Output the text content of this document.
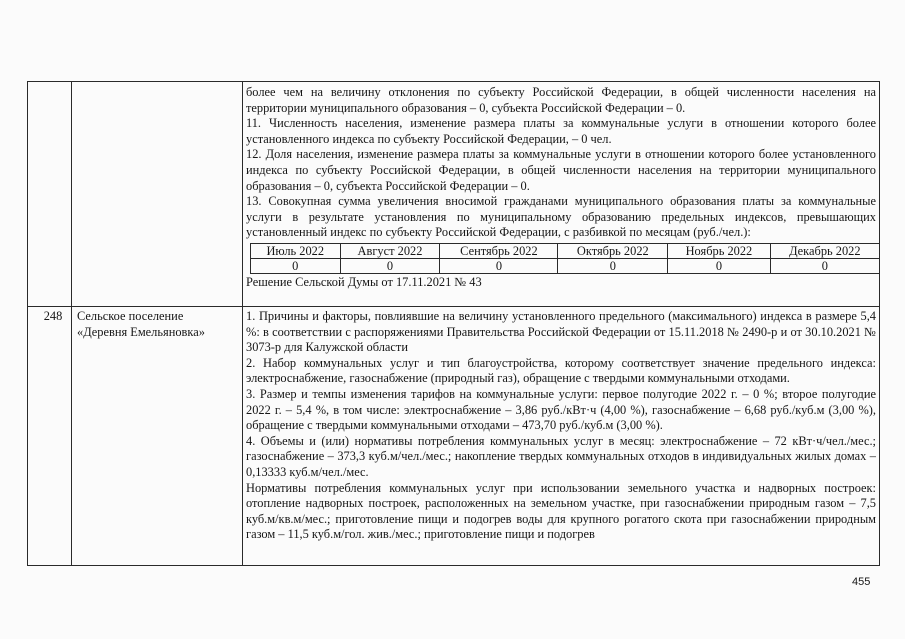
более чем на величину отклонения по субъекту Российской Федерации, в общей численности населения на территории муниципального образования – 0, субъекта Российской Федерации – 0.

11. Численность населения, изменение размера платы за коммунальные услуги в отношении которого более установленного индекса по субъекту Российской Федерации, – 0 чел.

12. Доля населения, изменение размера платы за коммунальные услуги в отношении которого более установленного индекса по субъекту Российской Федерации, в общей численности населения на территории муниципального образования – 0, субъекта Российской Федерации – 0.

13. Совокупная сумма увеличения вносимой гражданами муниципального образования платы за коммунальные услуги в результате установления по муниципальному образованию предельных индексов, превышающих установленный индекс по субъекту Российской Федерации, с разбивкой по месяцам (руб./чел.):

Июль 2022	Август 2022	Сентябрь 2022	Октябрь 2022	Ноябрь 2022	Декабрь 2022
0	0	0	0	0	0

Решение Сельской Думы от 17.11.2021 № 43

248	Сельское поселение «Деревня Емельяновка»

1. Причины и факторы, повлиявшие на величину установленного предельного (максимального) индекса в размере 5,4 %: в соответствии с распоряжениями Правительства Российской Федерации от 15.11.2018 № 2490-р и от 30.10.2021 № 3073-р для Калужской области

2. Набор коммунальных услуг и тип благоустройства, которому соответствует значение предельного индекса: электроснабжение, газоснабжение (природный газ), обращение с твердыми коммунальными отходами.

3. Размер и темпы изменения тарифов на коммунальные услуги: первое полугодие 2022 г. – 0 %; второе полугодие 2022 г. – 5,4 %, в том числе: электроснабжение – 3,86 руб./кВт·ч (4,00 %), газоснабжение – 6,68 руб./куб.м (3,00 %), обращение с твердыми коммунальными отходами – 473,70 руб./куб.м (3,00 %).

4. Объемы и (или) нормативы потребления коммунальных услуг в месяц: электроснабжение – 72 кВт·ч/чел./мес.; газоснабжение – 373,3 куб.м/чел./мес.; накопление твердых коммунальных отходов в индивидуальных жилых домах – 0,13333 куб.м/чел./мес.

Нормативы потребления коммунальных услуг при использовании земельного участка и надворных построек: отопление надворных построек, расположенных на земельном участке, при газоснабжении природным газом – 7,5 куб.м/кв.м/мес.; приготовление пищи и подогрев воды для крупного рогатого скота при газоснабжении природным газом – 11,5 куб.м/гол. жив./мес.; приготовление пищи и подогрев

455
